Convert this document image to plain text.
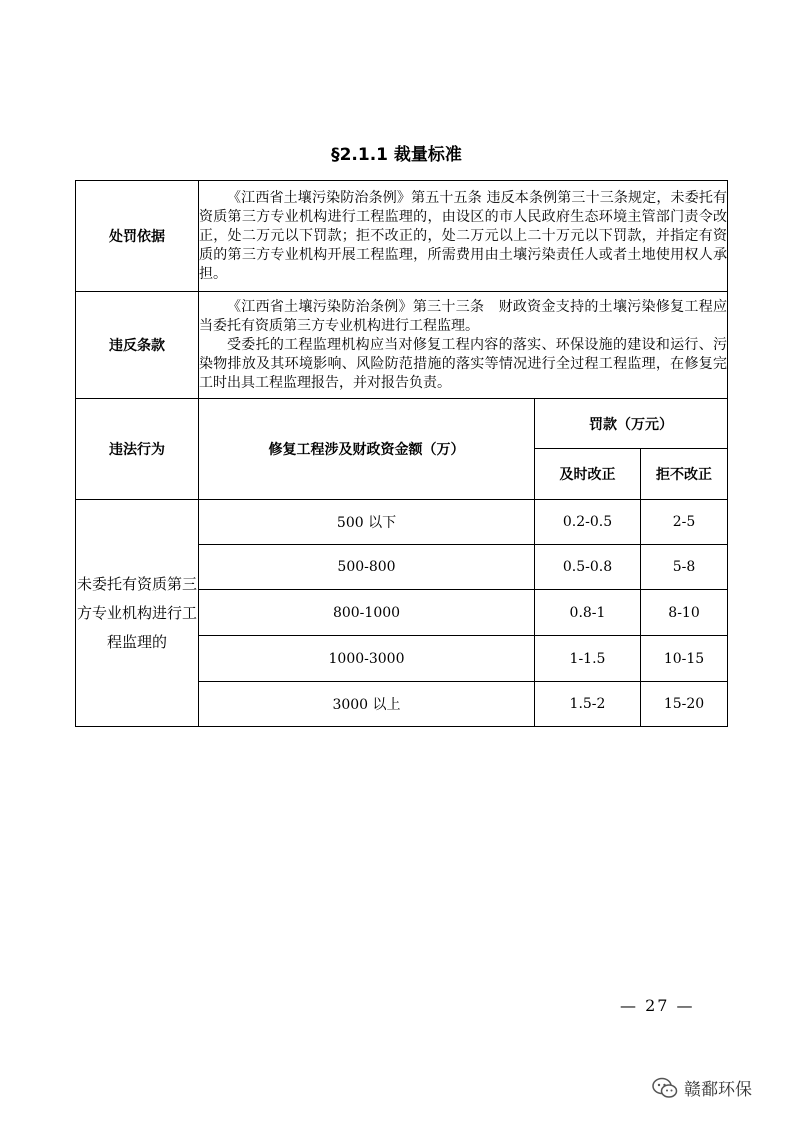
§2.1.1 裁量标准
处罚依据	《江西省土壤污染防治条例》第五十五条 违反本条例第三十三条规定，未委托有资质第三方专业机构进行工程监理的，由设区的市人民政府生态环境主管部门责令改正，处二万元以下罚款；拒不改正的，处二万元以上二十万元以下罚款，并指定有资质的第三方专业机构开展工程监理，所需费用由土壤污染责任人或者土地使用权人承担。		

违反条款	《江西省土壤污染防治条例》第三十三条　财政资金支持的土壤污染修复工程应当委托有资质第三方专业机构进行工程监理。

受委托的工程监理机构应当对修复工程内容的落实、环保设施的建设和运行、污染物排放及其环境影响、风险防范措施的落实等情况进行全过程工程监理，在修复完工时出具工程监理报告，并对报告负责。		

违法行为	修复工程涉及财政资金额（万）	罚款（万元）	
		及时改正	拒不改正
未委托有资质第三方专业机构进行工程监理的	500 以下	0.2-0.5	2-5
	500-800	0.5-0.8	5-8
	800-1000	0.8-1	8-10
	1000-3000	1-1.5	10-15
	3000 以上	1.5-2	15-20
— 27 —
赣鄱环保
